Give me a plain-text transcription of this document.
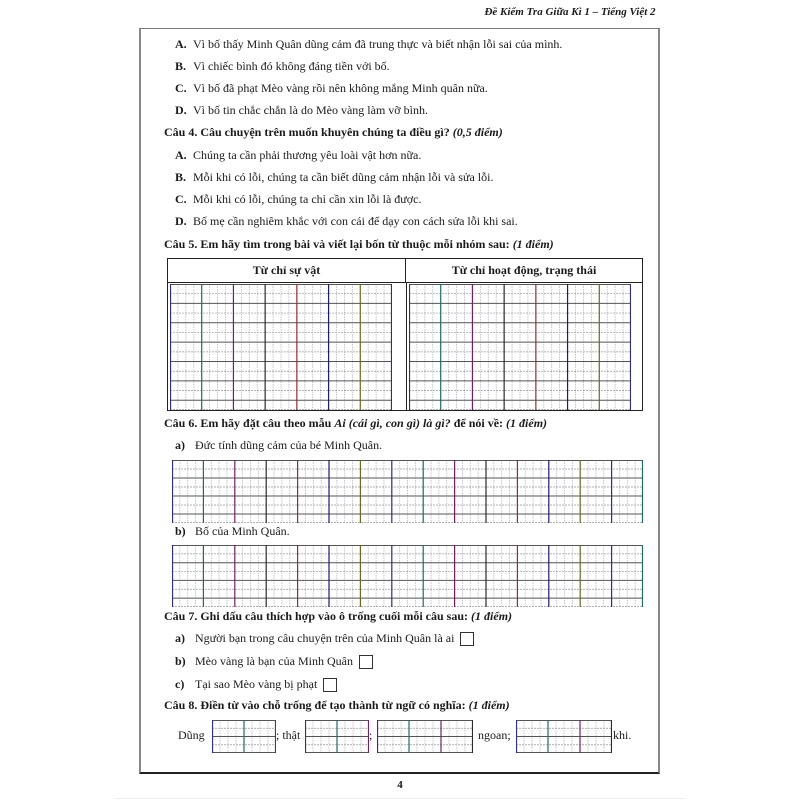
Đề Kiểm Tra Giữa Kì 1 – Tiếng Việt 2
A. Vì bố thấy Minh Quân dũng cảm đã trung thực và biết nhận lỗi sai của mình.
B. Vì chiếc bình đó không đáng tiền với bố.
C. Vì bố đã phạt Mèo vàng rồi nên không mắng Minh quân nữa.
D. Vì bố tin chắc chắn là do Mèo vàng làm vỡ bình.
Câu 4. Câu chuyện trên muốn khuyên chúng ta điều gì? (0,5 điểm)
A. Chúng ta cần phải thương yêu loài vật hơn nữa.
B. Mỗi khi có lỗi, chúng ta cần biết dũng cảm nhận lỗi và sửa lỗi.
C. Mỗi khi có lỗi, chúng ta chỉ cần xin lỗi là được.
D. Bố mẹ cần nghiêm khắc với con cái để dạy con cách sửa lỗi khi sai.
Câu 5. Em hãy tìm trong bài và viết lại bốn từ thuộc mỗi nhóm sau: (1 điểm)
Từ chỉ sự vật	Từ chỉ hoạt động, trạng thái
Câu 6. Em hãy đặt câu theo mẫu Ai (cái gì, con gì) là gì? để nói về: (1 điểm)
a) Đức tính dũng cảm của bé Minh Quân.
b) Bố của Minh Quân.
Câu 7. Ghi dấu câu thích hợp vào ô trống cuối mỗi câu sau: (1 điểm)
a) Người bạn trong câu chuyện trên của Minh Quân là ai
b) Mèo vàng là bạn của Minh Quân
c) Tại sao Mèo vàng bị phạt
Câu 8. Điền từ vào chỗ trống để tạo thành từ ngữ có nghĩa: (1 điểm)
Dũng	; thật	;	ngoan;	khi.
4
